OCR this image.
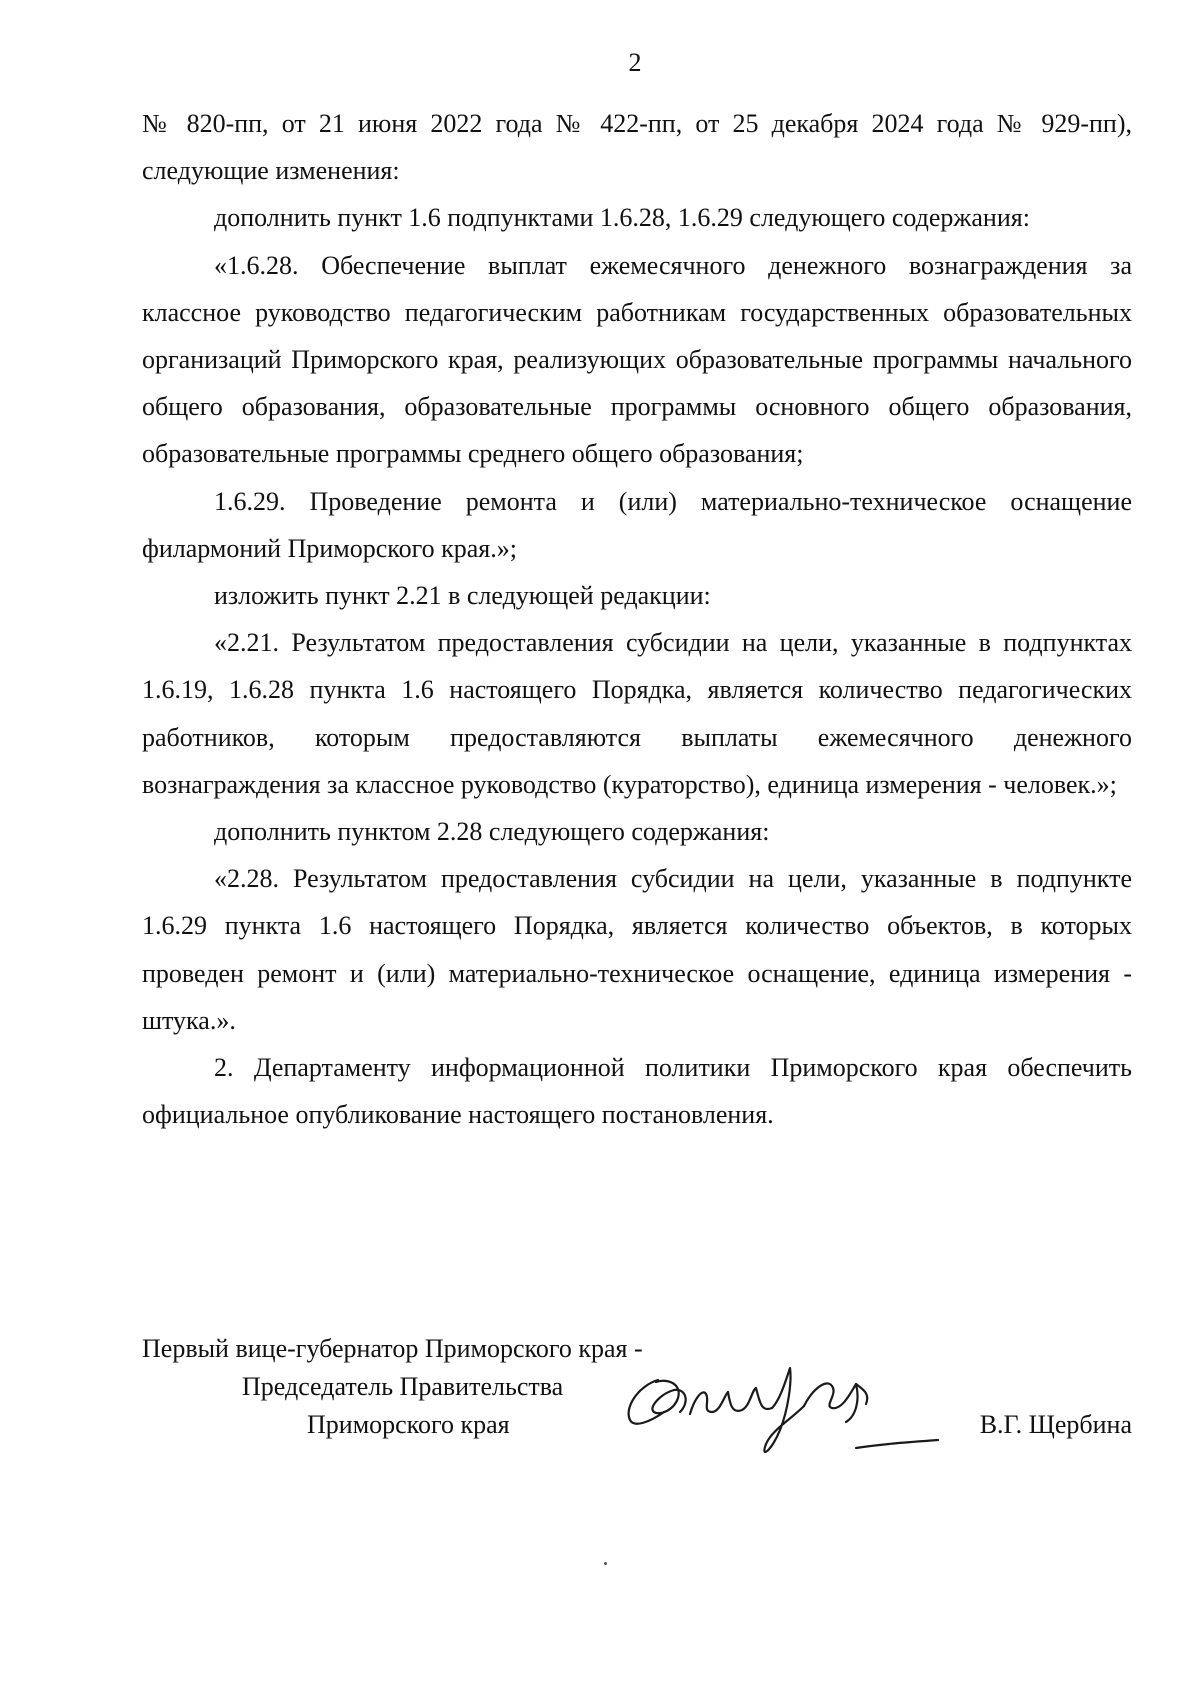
2

№ 820-пп, от 21 июня 2022 года № 422-пп, от 25 декабря 2024 года № 929-пп), следующие изменения:

дополнить пункт 1.6 подпунктами 1.6.28, 1.6.29 следующего содержания:

«1.6.28. Обеспечение выплат ежемесячного денежного вознаграждения за классное руководство педагогическим работникам государственных образовательных организаций Приморского края, реализующих образовательные программы начального общего образования, образовательные программы основного общего образования, образовательные программы среднего общего образования;

1.6.29. Проведение ремонта и (или) материально-техническое оснащение филармоний Приморского края.»;

изложить пункт 2.21 в следующей редакции:

«2.21. Результатом предоставления субсидии на цели, указанные в подпунктах 1.6.19, 1.6.28 пункта 1.6 настоящего Порядка, является количество педагогических работников, которым предоставляются выплаты ежемесячного денежного вознаграждения за классное руководство (кураторство), единица измерения - человек.»;

дополнить пунктом 2.28 следующего содержания:

«2.28. Результатом предоставления субсидии на цели, указанные в подпункте 1.6.29 пункта 1.6 настоящего Порядка, является количество объектов, в которых проведен ремонт и (или) материально-техническое оснащение, единица измерения - штука.».

2. Департаменту информационной политики Приморского края обеспечить официальное опубликование настоящего постановления.

Первый вице-губернатор Приморского края -
Председатель Правительства
Приморского края	В.Г. Щербина
